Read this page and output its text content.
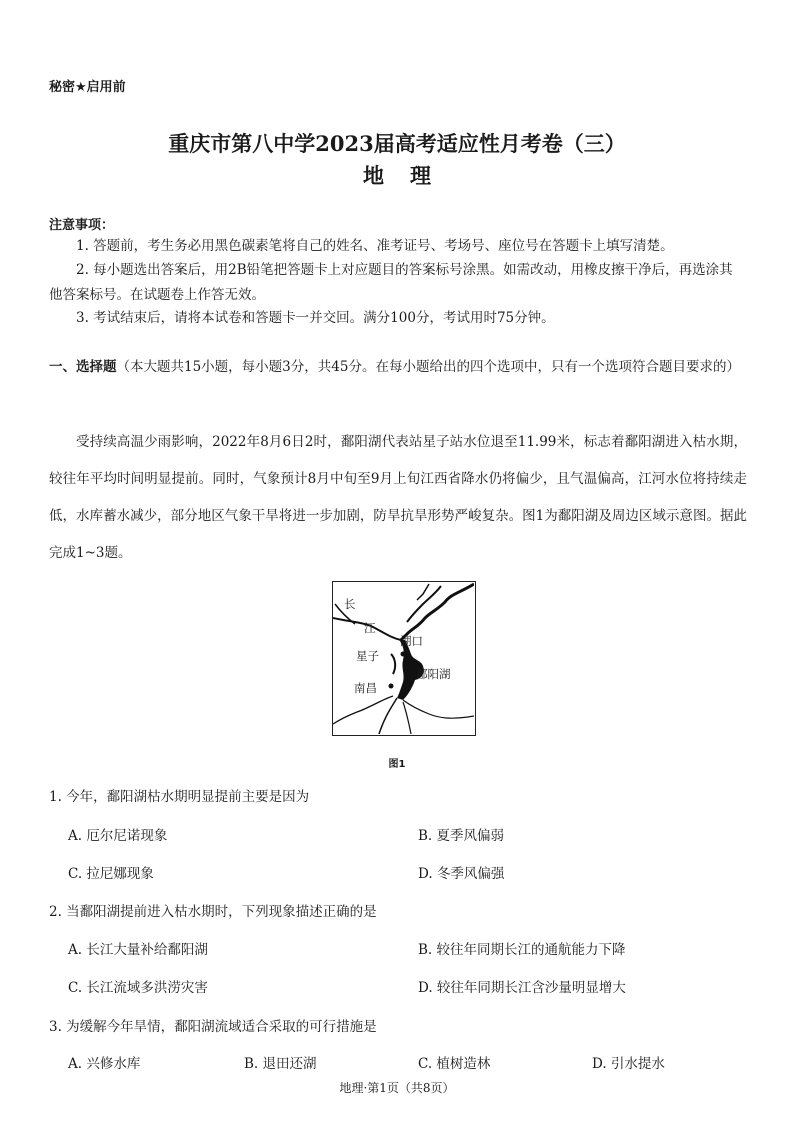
秘密★启用前
重庆市第八中学2023届高考适应性月考卷（三）
地理
注意事项：
1. 答题前，考生务必用黑色碳素笔将自己的姓名、准考证号、考场号、座位号在答题卡上填写清楚。
2. 每小题选出答案后，用2B铅笔把答题卡上对应题目的答案标号涂黑。如需改动，用橡皮擦干净后，再选涂其他答案标号。在试题卷上作答无效。
3. 考试结束后，请将本试卷和答题卡一并交回。满分100分，考试用时75分钟。
一、选择题（本大题共15小题，每小题3分，共45分。在每小题给出的四个选项中，只有一个选项符合题目要求的）
受持续高温少雨影响，2022年8月6日2时，鄱阳湖代表站星子站水位退至11.99米，标志着鄱阳湖进入枯水期，较往年平均时间明显提前。同时，气象预计8月中旬至9月上旬江西省降水仍将偏少，且气温偏高，江河水位将持续走低，水库蓄水减少，部分地区气象干旱将进一步加剧，防旱抗旱形势严峻复杂。图1为鄱阳湖及周边区域示意图。据此完成1~3题。
长
江
湖口
星子
鄱阳湖
南昌
图1
1. 今年，鄱阳湖枯水期明显提前主要是因为
A. 厄尔尼诺现象	B. 夏季风偏弱
C. 拉尼娜现象	D. 冬季风偏强
2. 当鄱阳湖提前进入枯水期时，下列现象描述正确的是
A. 长江大量补给鄱阳湖	B. 较往年同期长江的通航能力下降
C. 长江流域多洪涝灾害	D. 较往年同期长江含沙量明显增大
3. 为缓解今年旱情，鄱阳湖流域适合采取的可行措施是
A. 兴修水库	B. 退田还湖	C. 植树造林	D. 引水提水
地理·第1页（共8页）
